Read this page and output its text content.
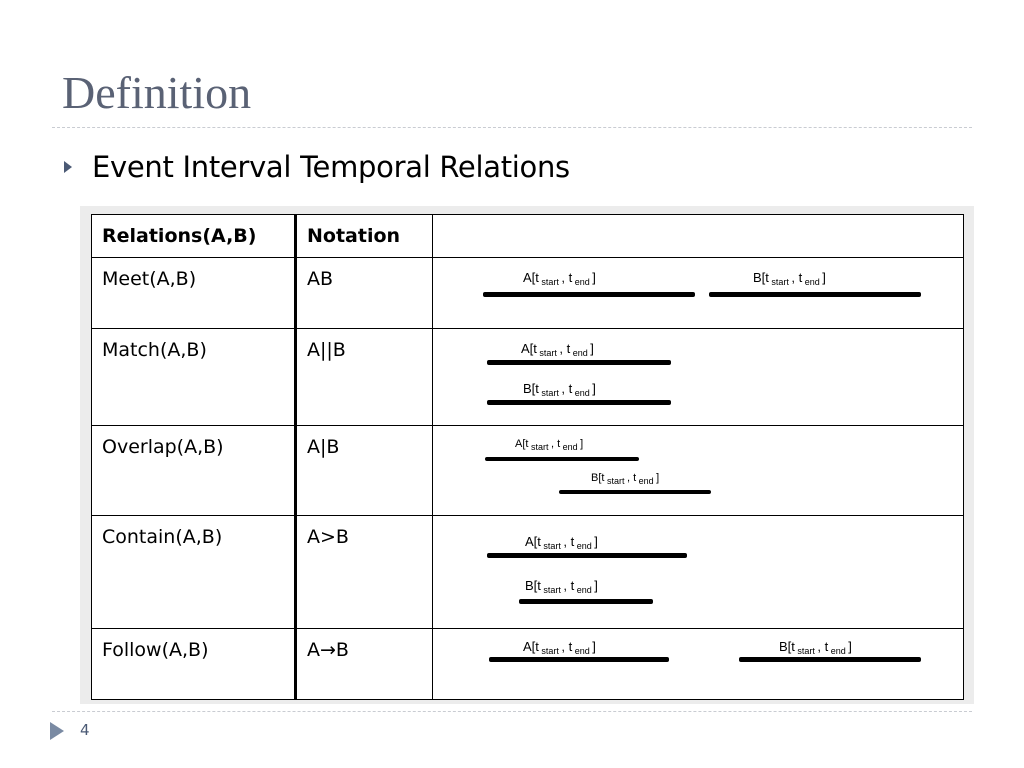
Definition
Event Interval Temporal Relations
Relations(A,B)	Notation	
Meet(A,B)	AB	A[t $_{start}$ , t $_{end}$ ] B[t $_{start}$ , t $_{end}$ ]

Match(A,B)	A||B	A[t $_{start}$ , t $_{end}$ ]
B[t $_{start}$ , t $_{end}$ ]

Overlap(A,B)	A|B	A[t $_{start}$ , t $_{end}$ ]
B[t $_{start}$ , t $_{end}$ ]

Contain(A,B)	A>B	A[t $_{start}$ , t $_{end}$ ]
B[t $_{start}$ , t $_{end}$ ]

Follow(A,B)	A→B	A[t $_{start}$ , t $_{end}$ ] B[t $_{start}$ , t $_{end}$ ]
4
